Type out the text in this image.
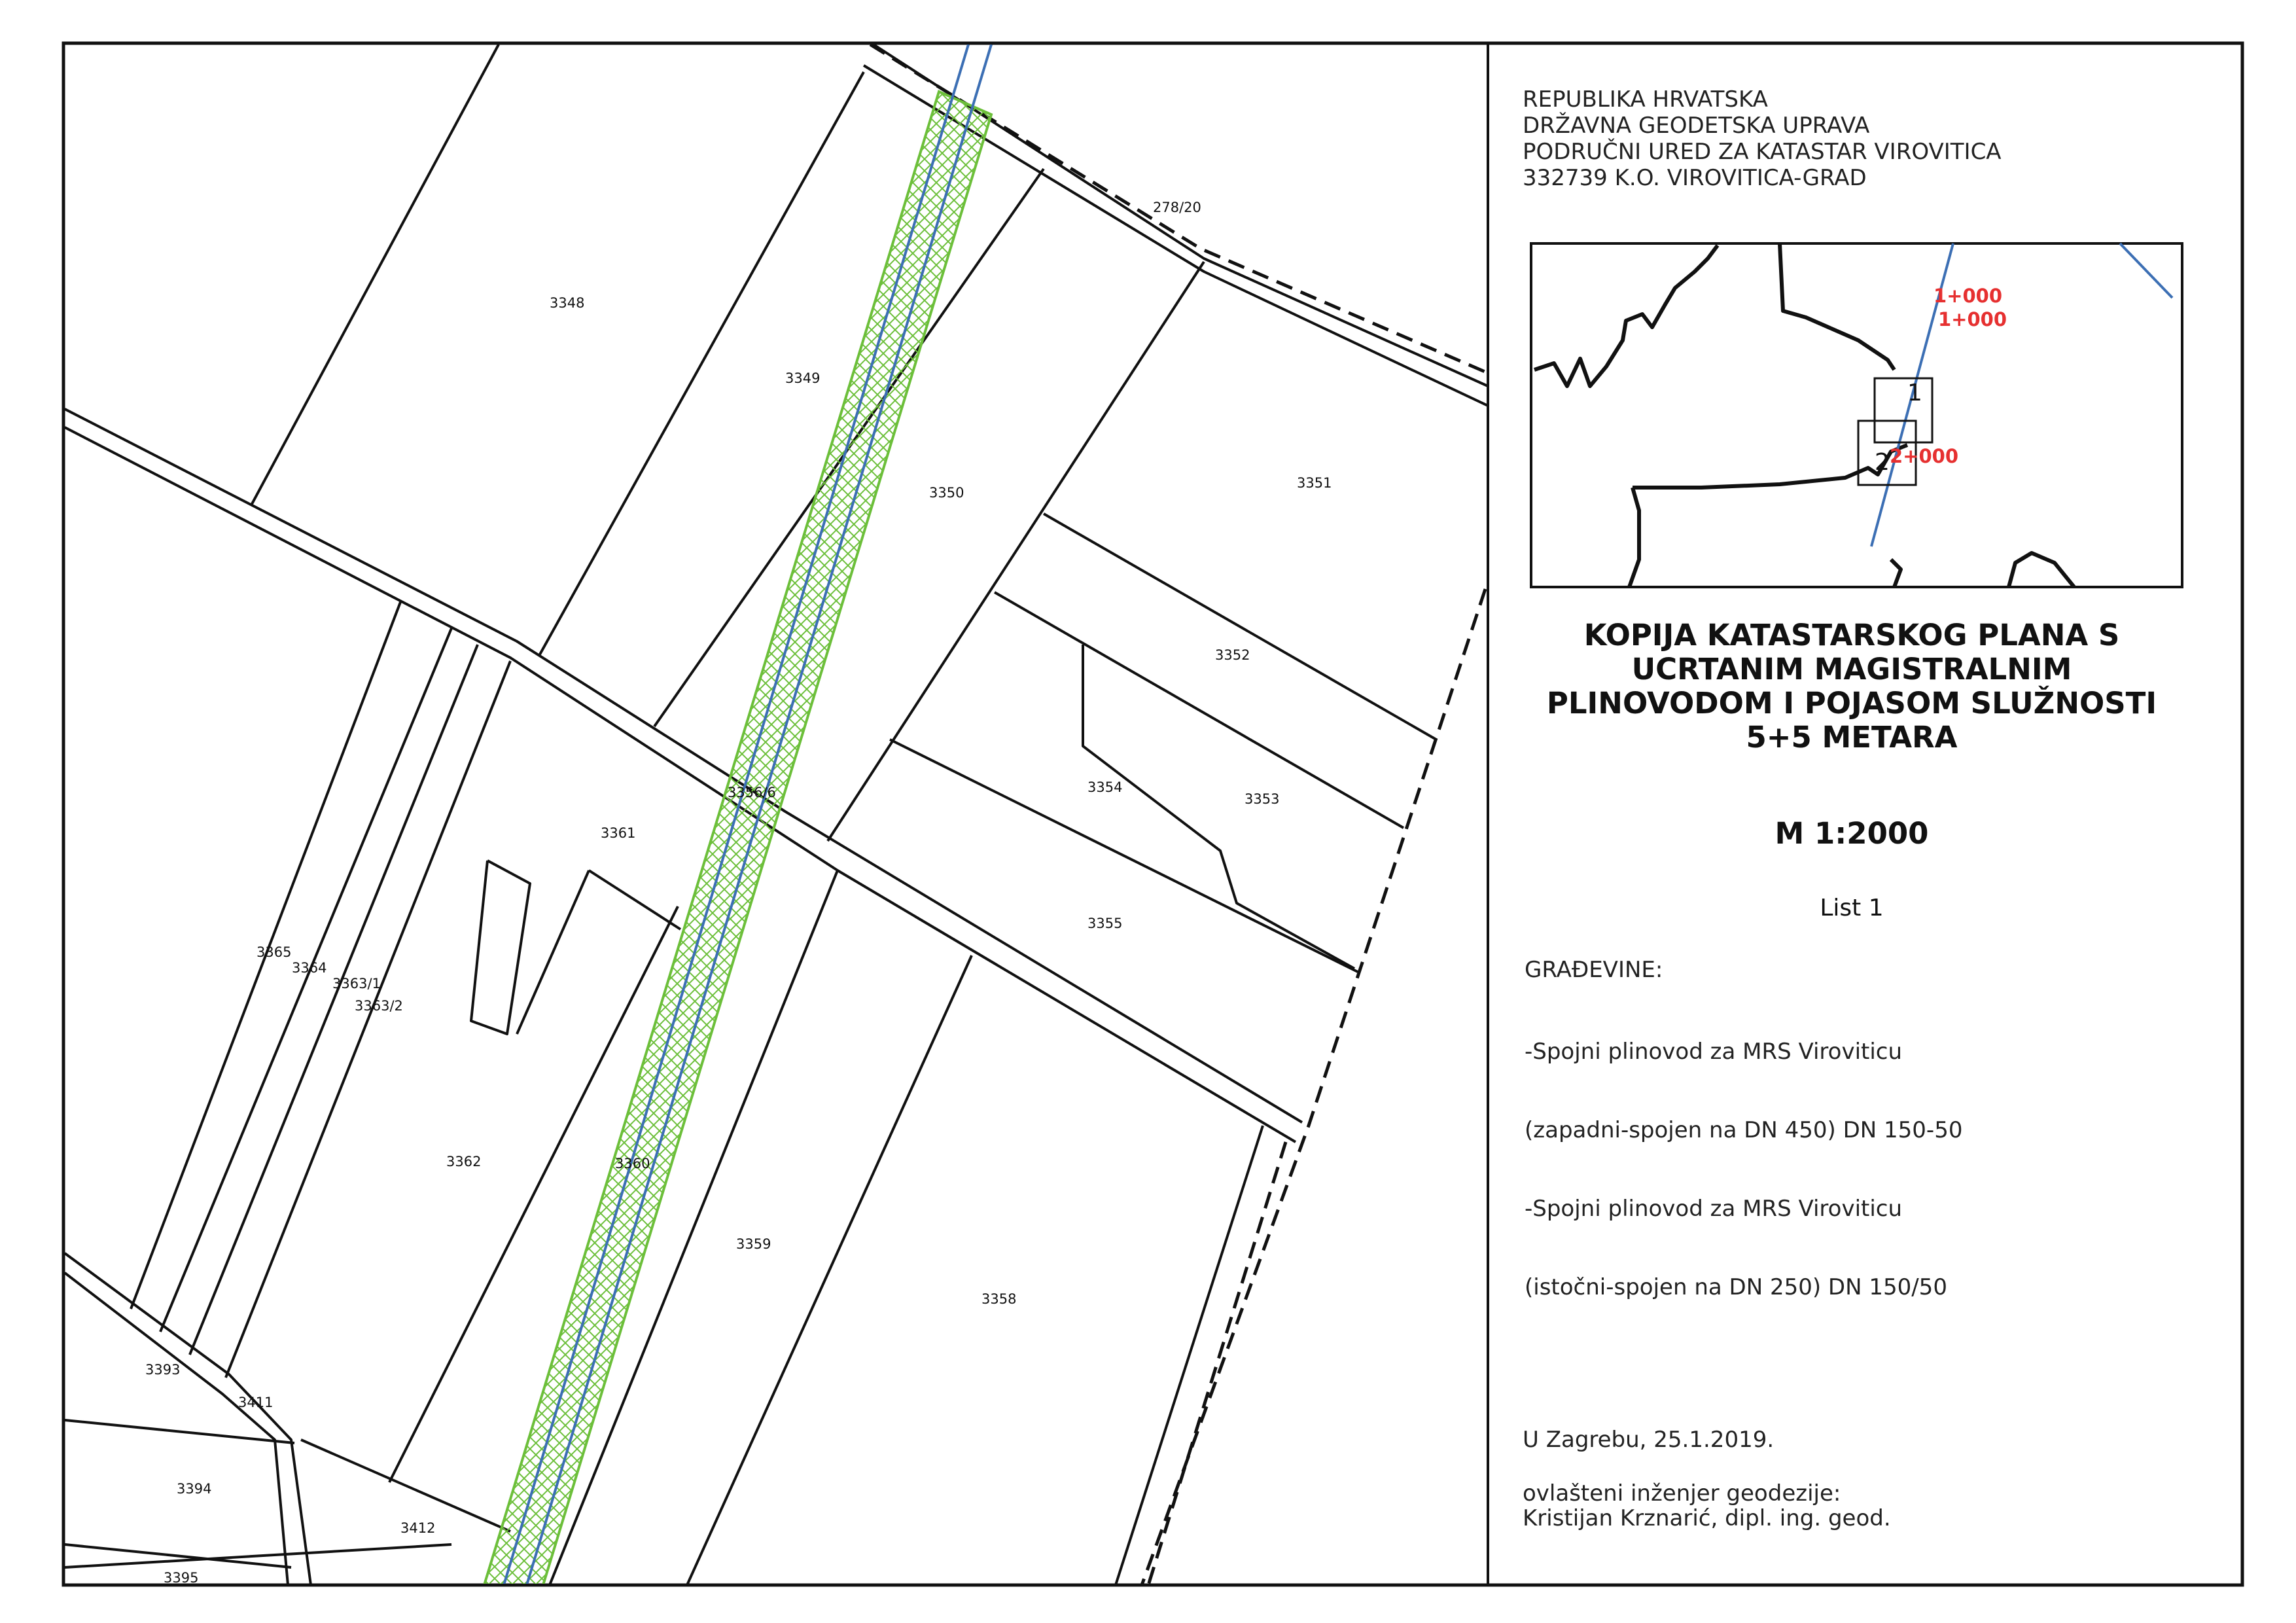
278/20
3348
3349
3350
3351
3352
3353
3354
3355
3356/6
3358
3359
3360
3361
3362
3363/1
3363/2
3364
3365
3393
3394
3395
3411
3412
1
2
1+000
1+000
2+000
REPUBLIKA HRVATSKA
DRŽAVNA GEODETSKA UPRAVA
PODRUČNI URED ZA KATASTAR VIROVITICA
332739 K.O. VIROVITICA-GRAD
KOPIJA KATASTARSKOG PLANA S
UCRTANIM MAGISTRALNIM
PLINOVODOM I POJASOM SLUŽNOSTI
5+5 METARA
M 1:2000
List 1
GRAĐEVINE:

-Spojni plinovod za MRS Viroviticu

(zapadni-spojen na DN 450) DN 150-50

-Spojni plinovod za MRS Viroviticu

(istočni-spojen na DN 250) DN 150/50

U Zagrebu, 25.1.2019.
ovlašteni inženjer geodezije:
Kristijan Krznarić, dipl. ing. geod.
